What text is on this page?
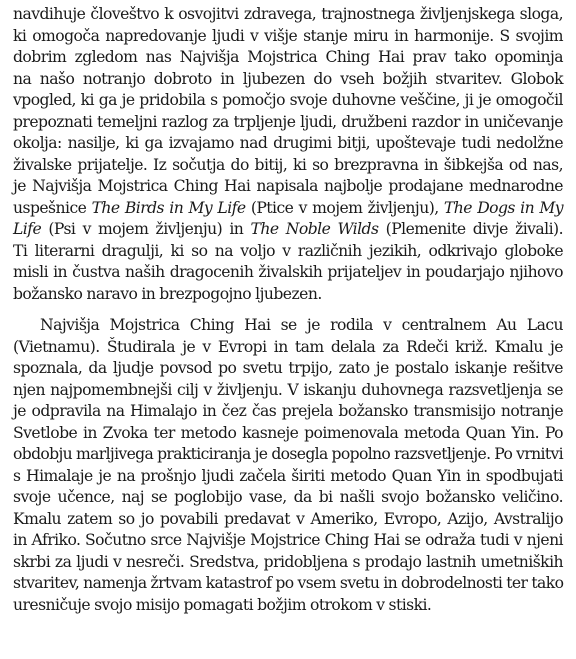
navdihuje človeštvo k osvojitvi zdravega, trajnostnega življenjskega sloga,

ki omogoča napredovanje ljudi v višje stanje miru in harmonije. S svojim

dobrim zgledom nas Najvišja Mojstrica Ching Hai prav tako opominja

na našo notranjo dobroto in ljubezen do vseh božjih stvaritev. Globok

vpogled, ki ga je pridobila s pomočjo svoje duhovne veščine, ji je omogočil

prepoznati temeljni razlog za trpljenje ljudi, družbeni razdor in uničevanje

okolja: nasilje, ki ga izvajamo nad drugimi bitji, upoštevaje tudi nedolžne

živalske prijatelje. Iz sočutja do bitij, ki so brezpravna in šibkejša od nas,

je Najvišja Mojstrica Ching Hai napisala najbolje prodajane mednarodne

uspešnice The Birds in My Life (Ptice v mojem življenju), The Dogs in My

Life (Psi v mojem življenju) in The Noble Wilds (Plemenite divje živali).

Ti literarni dragulji, ki so na voljo v različnih jezikih, odkrivajo globoke

misli in čustva naših dragocenih živalskih prijateljev in poudarjajo njihovo

božansko naravo in brezpogojno ljubezen.

Najvišja Mojstrica Ching Hai se je rodila v centralnem Au Lacu

(Vietnamu). Študirala je v Evropi in tam delala za Rdeči križ. Kmalu je

spoznala, da ljudje povsod po svetu trpijo, zato je postalo iskanje rešitve

njen najpomembnejši cilj v življenju. V iskanju duhovnega razsvetljenja se

je odpravila na Himalajo in čez čas prejela božansko transmisijo notranje

Svetlobe in Zvoka ter metodo kasneje poimenovala metoda Quan Yin. Po

obdobju marljivega prakticiranja je dosegla popolno razsvetljenje. Po vrnitvi

s Himalaje je na prošnjo ljudi začela širiti metodo Quan Yin in spodbujati

svoje učence, naj se poglobijo vase, da bi našli svojo božansko veličino.

Kmalu zatem so jo povabili predavat v Ameriko, Evropo, Azijo, Avstralijo

in Afriko. Sočutno srce Najvišje Mojstrice Ching Hai se odraža tudi v njeni

skrbi za ljudi v nesreči. Sredstva, pridobljena s prodajo lastnih umetniških

stvaritev, namenja žrtvam katastrof po vsem svetu in dobrodelnosti ter tako

uresničuje svojo misijo pomagati božjim otrokom v stiski.
